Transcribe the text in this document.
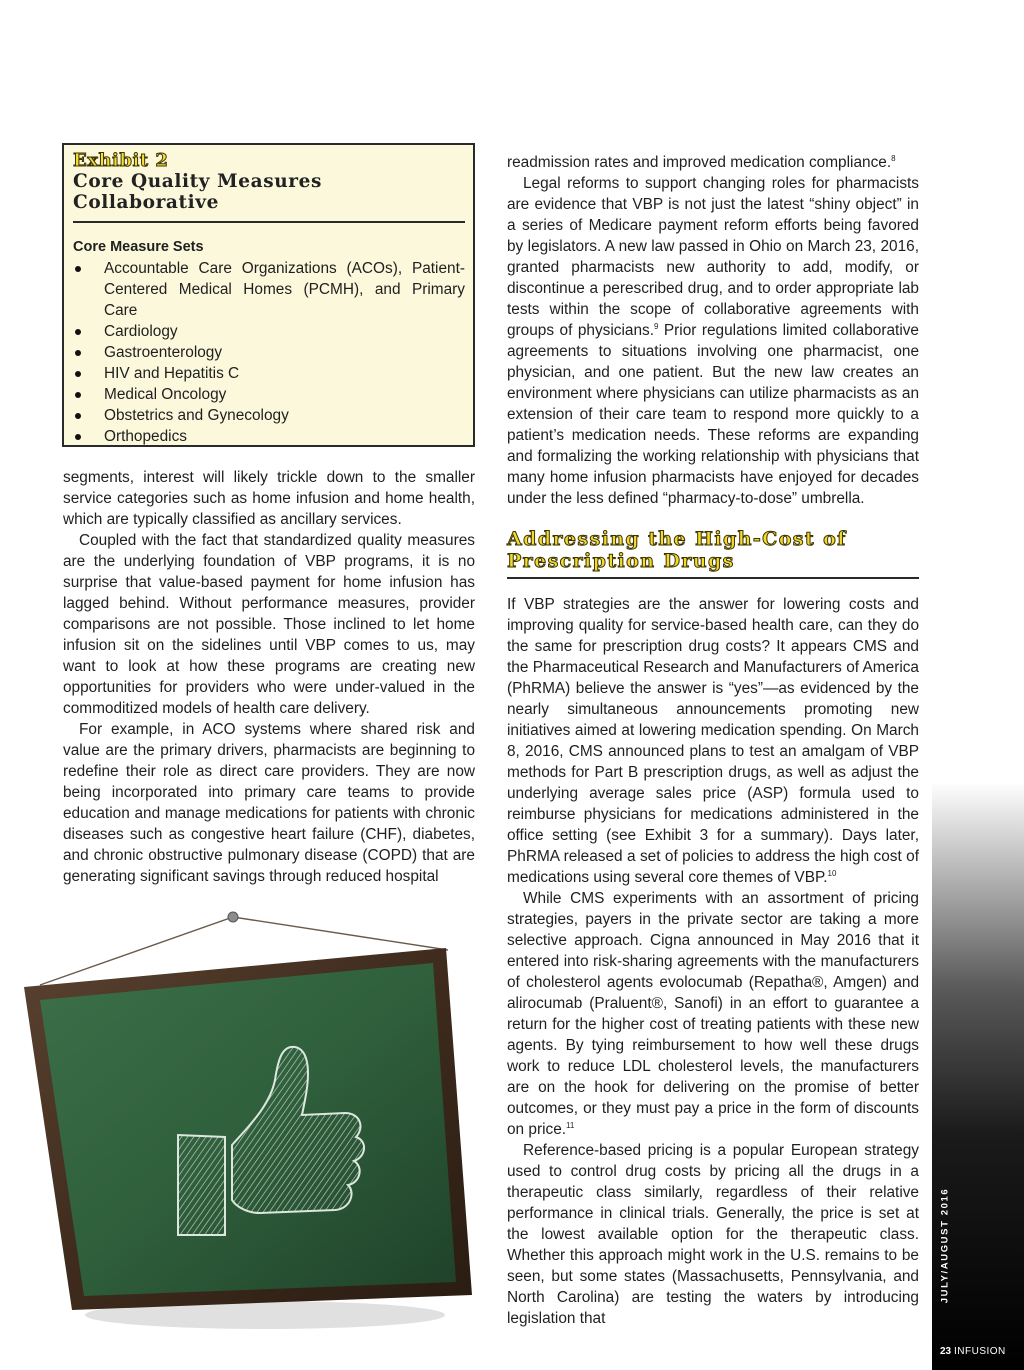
Exhibit 2
Core Quality Measures
Collaborative
Core Measure Sets
Accountable Care Organizations (ACOs), Patient-Centered Medical Homes (PCMH), and Primary Care
Cardiology
Gastroenterology
HIV and Hepatitis C
Medical Oncology
Obstetrics and Gynecology
Orthopedics

segments, interest will likely trickle down to the smaller service categories such as home infusion and home health, which are typically classified as ancillary services.

Coupled with the fact that standardized quality measures are the underlying foundation of VBP programs, it is no surprise that value-based payment for home infusion has lagged behind. Without performance measures, provider comparisons are not possible. Those inclined to let home infusion sit on the sidelines until VBP comes to us, may want to look at how these programs are creating new opportunities for providers who were under-valued in the commoditized models of health care delivery.

For example, in ACO systems where shared risk and value are the primary drivers, pharmacists are beginning to redefine their role as direct care providers. They are now being incorporated into primary care teams to provide education and manage medications for patients with chronic diseases such as congestive heart failure (CHF), diabetes, and chronic obstructive pulmonary disease (COPD) that are generating significant savings through reduced hospital

readmission rates and improved medication compliance.$^8$

Legal reforms to support changing roles for pharmacists are evidence that VBP is not just the latest “shiny object” in a series of Medicare payment reform efforts being favored by legislators. A new law passed in Ohio on March 23, 2016, granted pharmacists new authority to add, modify, or discontinue a perescribed drug, and to order appropriate lab tests within the scope of collaborative agreements with groups of physicians.$^9$ Prior regulations limited collaborative agreements to situations involving one pharmacist, one physician, and one patient. But the new law creates an environment where physicians can utilize pharmacists as an extension of their care team to respond more quickly to a patient’s medication needs. These reforms are expanding and formalizing the working relationship with physicians that many home infusion pharmacists have enjoyed for decades under the less defined “pharmacy-to-dose” umbrella.

Addressing the High-Cost of
Prescription Drugs

If VBP strategies are the answer for lowering costs and improving quality for service-based health care, can they do the same for prescription drug costs? It appears CMS and the Pharmaceutical Research and Manufacturers of America (PhRMA) believe the answer is “yes”—as evidenced by the nearly simultaneous announcements promoting new initiatives aimed at lowering medication spending. On March 8, 2016, CMS announced plans to test an amalgam of VBP methods for Part B prescription drugs, as well as adjust the underlying average sales price (ASP) formula used to reimburse physicians for medications administered in the office setting (see Exhibit 3 for a summary). Days later, PhRMA released a set of policies to address the high cost of medications using several core themes of VBP.$^{10}$

While CMS experiments with an assortment of pricing strategies, payers in the private sector are taking a more selective approach. Cigna announced in May 2016 that it entered into risk-sharing agreements with the manufacturers of cholesterol agents evolocumab (Repatha®, Amgen) and alirocumab (Praluent®, Sanofi) in an effort to guarantee a return for the higher cost of treating patients with these new agents. By tying reimbursement to how well these drugs work to reduce LDL cholesterol levels, the manufacturers are on the hook for delivering on the promise of better outcomes, or they must pay a price in the form of discounts on price.$^{11}$

Reference-based pricing is a popular European strategy used to control drug costs by pricing all the drugs in a therapeutic class similarly, regardless of their relative performance in clinical trials. Generally, the price is set at the lowest available option for the therapeutic class. Whether this approach might work in the U.S. remains to be seen, but some states (Massachusetts, Pennsylvania, and North Carolina) are testing the waters by introducing legislation that

JULY/AUGUST 2016
23 INFUSION
